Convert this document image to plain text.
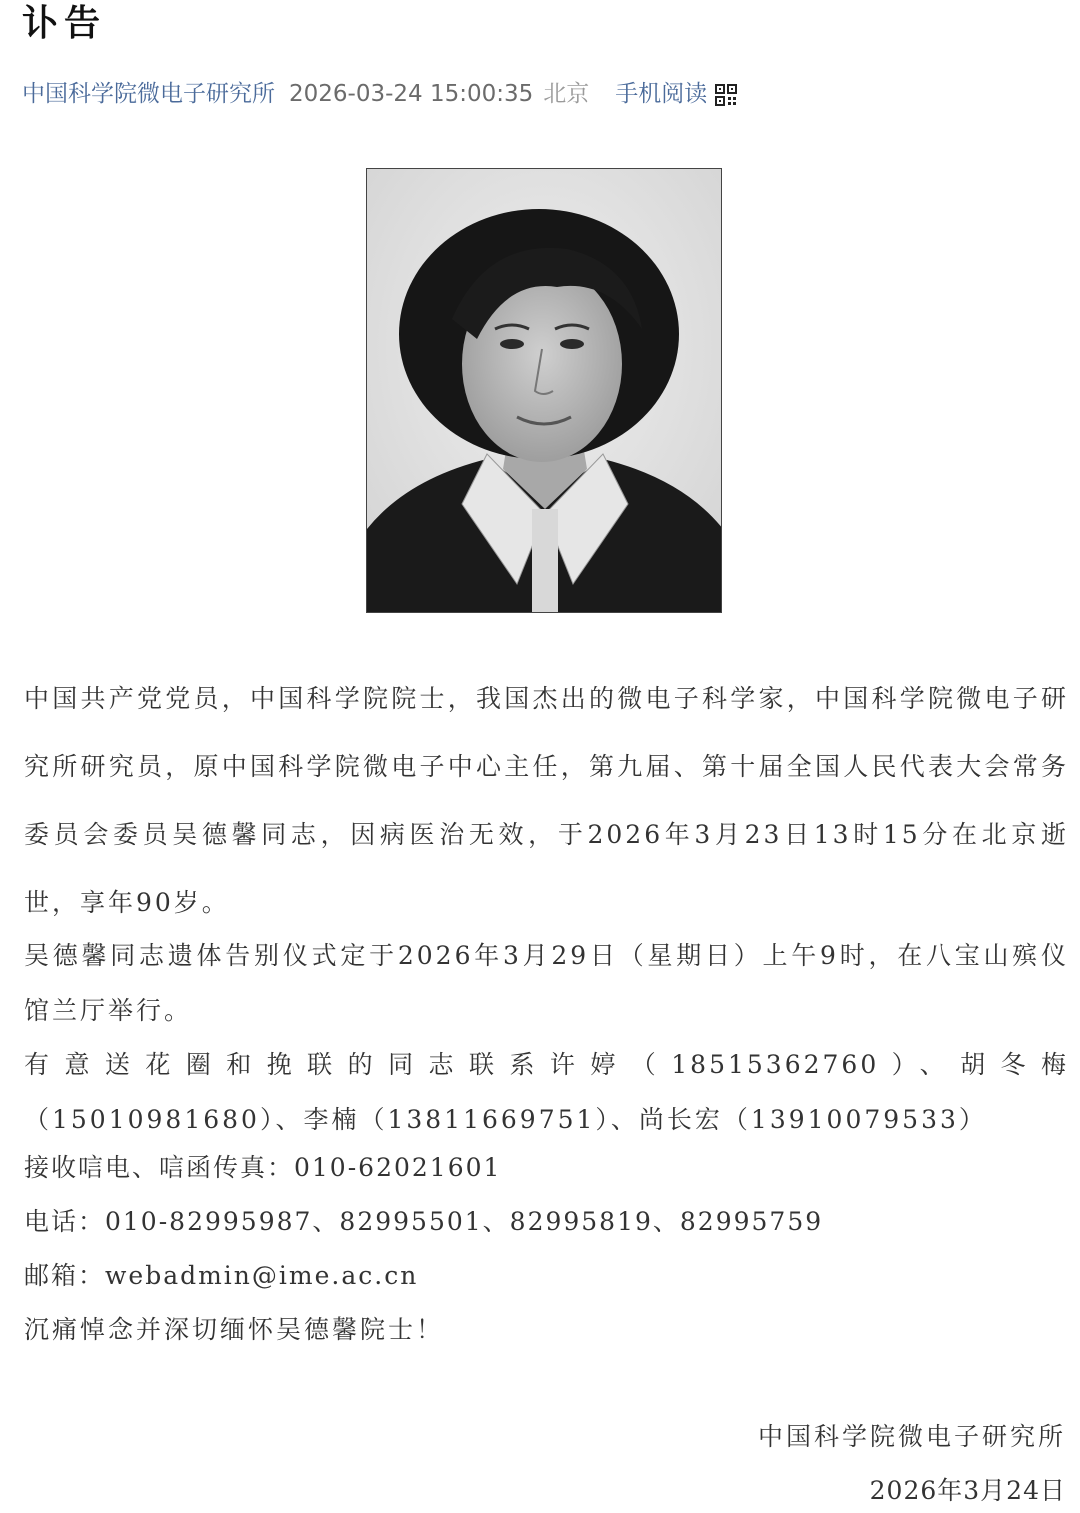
讣告
中国科学院微电子研究所 2026-03-24 15:00:35 北京 手机阅读

中国共产党党员，中国科学院院士，我国杰出的微电子科学家，中国科学院微电子研究所研究员，原中国科学院微电子中心主任，第九届、第十届全国人民代表大会常务委员会委员吴德馨同志，因病医治无效，于2026年3月23日13时15分在北京逝世，享年90岁。

吴德馨同志遗体告别仪式定于2026年3月29日（星期日）上午9时，在八宝山殡仪馆兰厅举行。

有意送花圈和挽联的同志联系许婷（18515362760）、胡冬梅（15010981680）、李楠（13811669751）、尚长宏（13910079533）

接收唁电、唁函传真：010-62021601
电话：010-82995987、82995501、82995819、82995759
邮箱：webadmin@ime.ac.cn
沉痛悼念并深切缅怀吴德馨院士！
中国科学院微电子研究所
2026年3月24日
